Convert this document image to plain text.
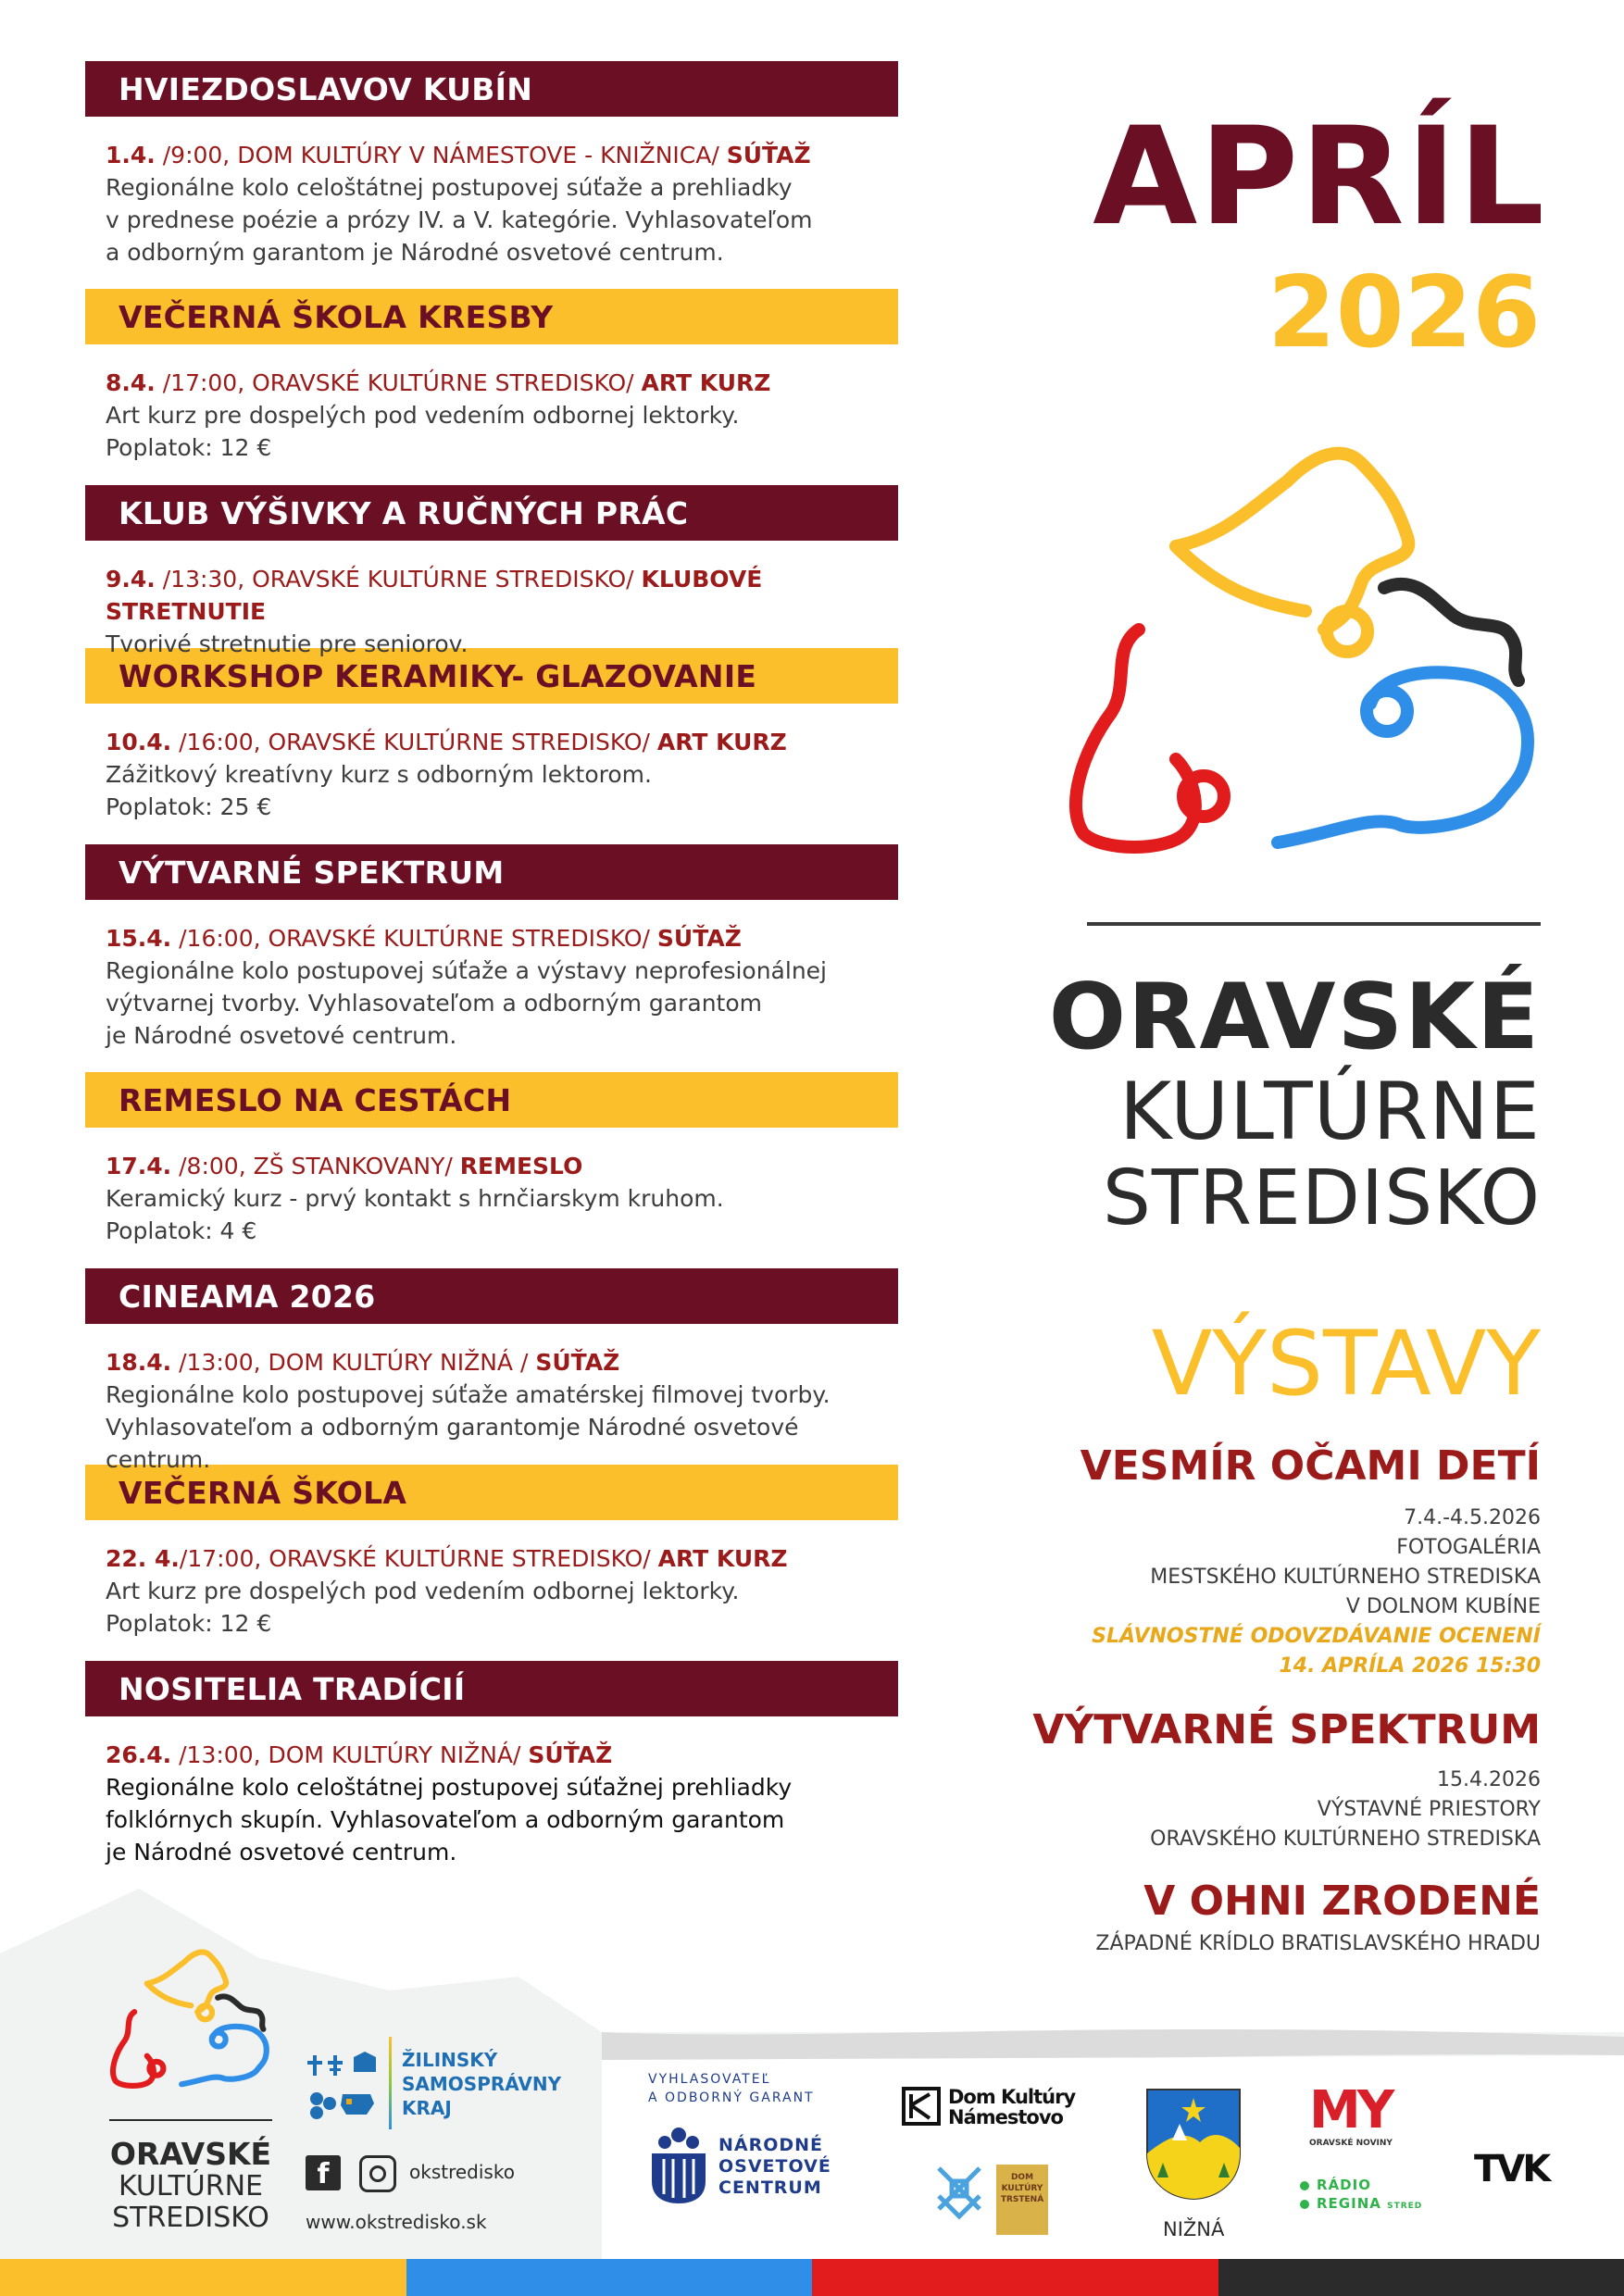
HVIEZDOSLAVOV KUBÍN
1.4. /9:00, DOM KULTÚRY V NÁMESTOVE - KNIŽNICA/ SÚŤAŽ
Regionálne kolo celoštátnej postupovej súťaže a prehliadky
v prednese poézie a prózy IV. a V. kategórie. Vyhlasovateľom
a odborným garantom je Národné osvetové centrum.
VEČERNÁ ŠKOLA KRESBY
8.4. /17:00, ORAVSKÉ KULTÚRNE STREDISKO/ ART KURZ
Art kurz pre dospelých pod vedením odbornej lektorky.
Poplatok: 12 €
KLUB VÝŠIVKY A RUČNÝCH PRÁC
9.4. /13:30, ORAVSKÉ KULTÚRNE STREDISKO/ KLUBOVÉ STRETNUTIE
Tvorivé stretnutie pre seniorov.
WORKSHOP KERAMIKY- GLAZOVANIE
10.4. /16:00, ORAVSKÉ KULTÚRNE STREDISKO/ ART KURZ
Zážitkový kreatívny kurz s odborným lektorom.
Poplatok: 25 €
VÝTVARNÉ SPEKTRUM
15.4. /16:00, ORAVSKÉ KULTÚRNE STREDISKO/ SÚŤAŽ
Regionálne kolo postupovej súťaže a výstavy neprofesionálnej
výtvarnej tvorby. Vyhlasovateľom a odborným garantom
je Národné osvetové centrum.
REMESLO NA CESTÁCH
17.4. /8:00, ZŠ STANKOVANY/ REMESLO
Keramický kurz - prvý kontakt s hrnčiarskym kruhom.
Poplatok: 4 €
CINEAMA 2026
18.4. /13:00, DOM KULTÚRY NIŽNÁ / SÚŤAŽ
Regionálne kolo postupovej súťaže amatérskej filmovej tvorby.
Vyhlasovateľom a odborným garantomje Národné osvetové centrum.
VEČERNÁ ŠKOLA
22. 4./17:00, ORAVSKÉ KULTÚRNE STREDISKO/ ART KURZ
Art kurz pre dospelých pod vedením odbornej lektorky.
Poplatok: 12 €
NOSITELIA TRADÍCIÍ
26.4. /13:00, DOM KULTÚRY NIŽNÁ/ SÚŤAŽ
Regionálne kolo celoštátnej postupovej súťažnej prehliadky
folklórnych skupín. Vyhlasovateľom a odborným garantom
je Národné osvetové centrum.
APRÍL
2026
ORAVSKÉ
KULTÚRNE
STREDISKO
VÝSTAVY
VESMÍR OČAMI DETÍ
7.4.-4.5.2026
FOTOGALÉRIA
MESTSKÉHO KULTÚRNEHO STREDISKA
V DOLNOM KUBÍNE
SLÁVNOSTNÉ ODOVZDÁVANIE OCENENÍ
14. APRÍLA 2026 15:30
VÝTVARNÉ SPEKTRUM
15.4.2026
VÝSTAVNÉ PRIESTORY
ORAVSKÉHO KULTÚRNEHO STREDISKA
V OHNI ZRODENÉ
ZÁPADNÉ KRÍDLO BRATISLAVSKÉHO HRADU
ORAVSKÉ
KULTÚRNE
STREDISKO
ŽILINSKÝ
SAMOSPRÁVNY
KRAJ
f	okstredisko
www.okstredisko.sk
VYHLASOVATEĽ
A ODBORNÝ GARANT
NÁRODNÉ
OSVETOVÉ
CENTRUM
Dom Kultúry
Námestovo
DOM
KULTÚRY
TRSTENÁ
NIŽNÁ
MY
ORAVSKÉ NOVINY
RÁDIO
REGINA STRED
TVK
